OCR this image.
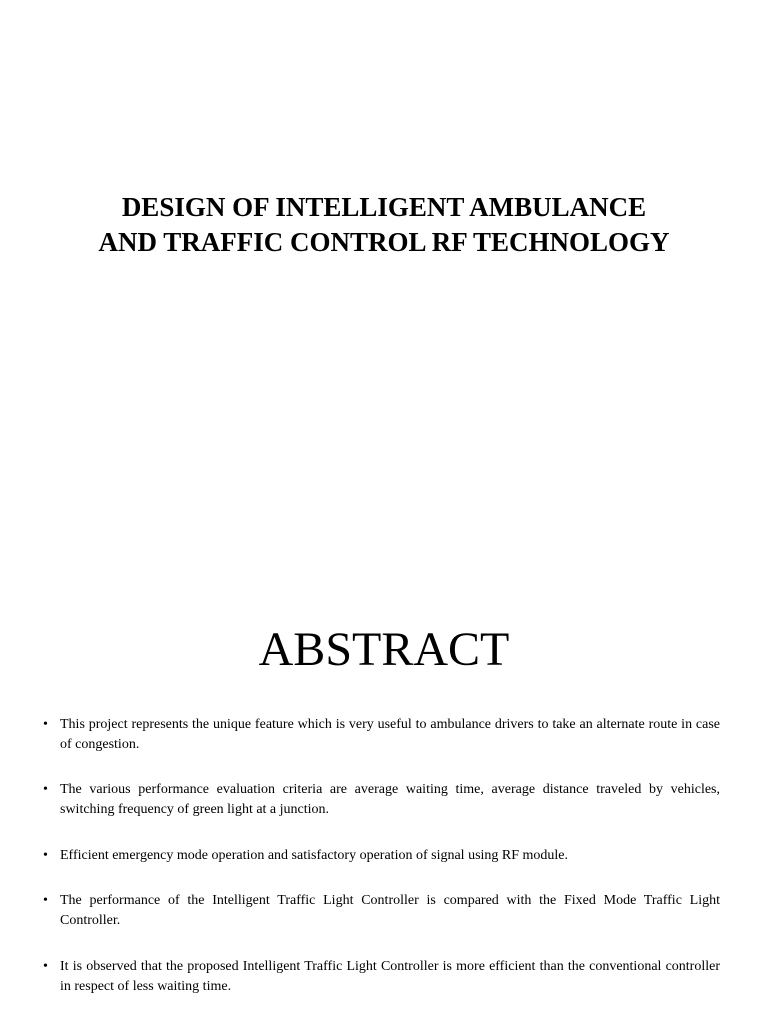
DESIGN OF INTELLIGENT AMBULANCE
AND TRAFFIC CONTROL RF TECHNOLOGY
ABSTRACT
• This project represents the unique feature which is very useful to ambulance drivers to take an alternate route in case of congestion.
• The various performance evaluation criteria are average waiting time, average distance traveled by vehicles, switching frequency of green light at a junction.
• Efficient emergency mode operation and satisfactory operation of signal using RF module.
• The performance of the Intelligent Traffic Light Controller is compared with the Fixed Mode Traffic Light Controller.
• It is observed that the proposed Intelligent Traffic Light Controller is more efficient than the conventional controller in respect of less waiting time.
